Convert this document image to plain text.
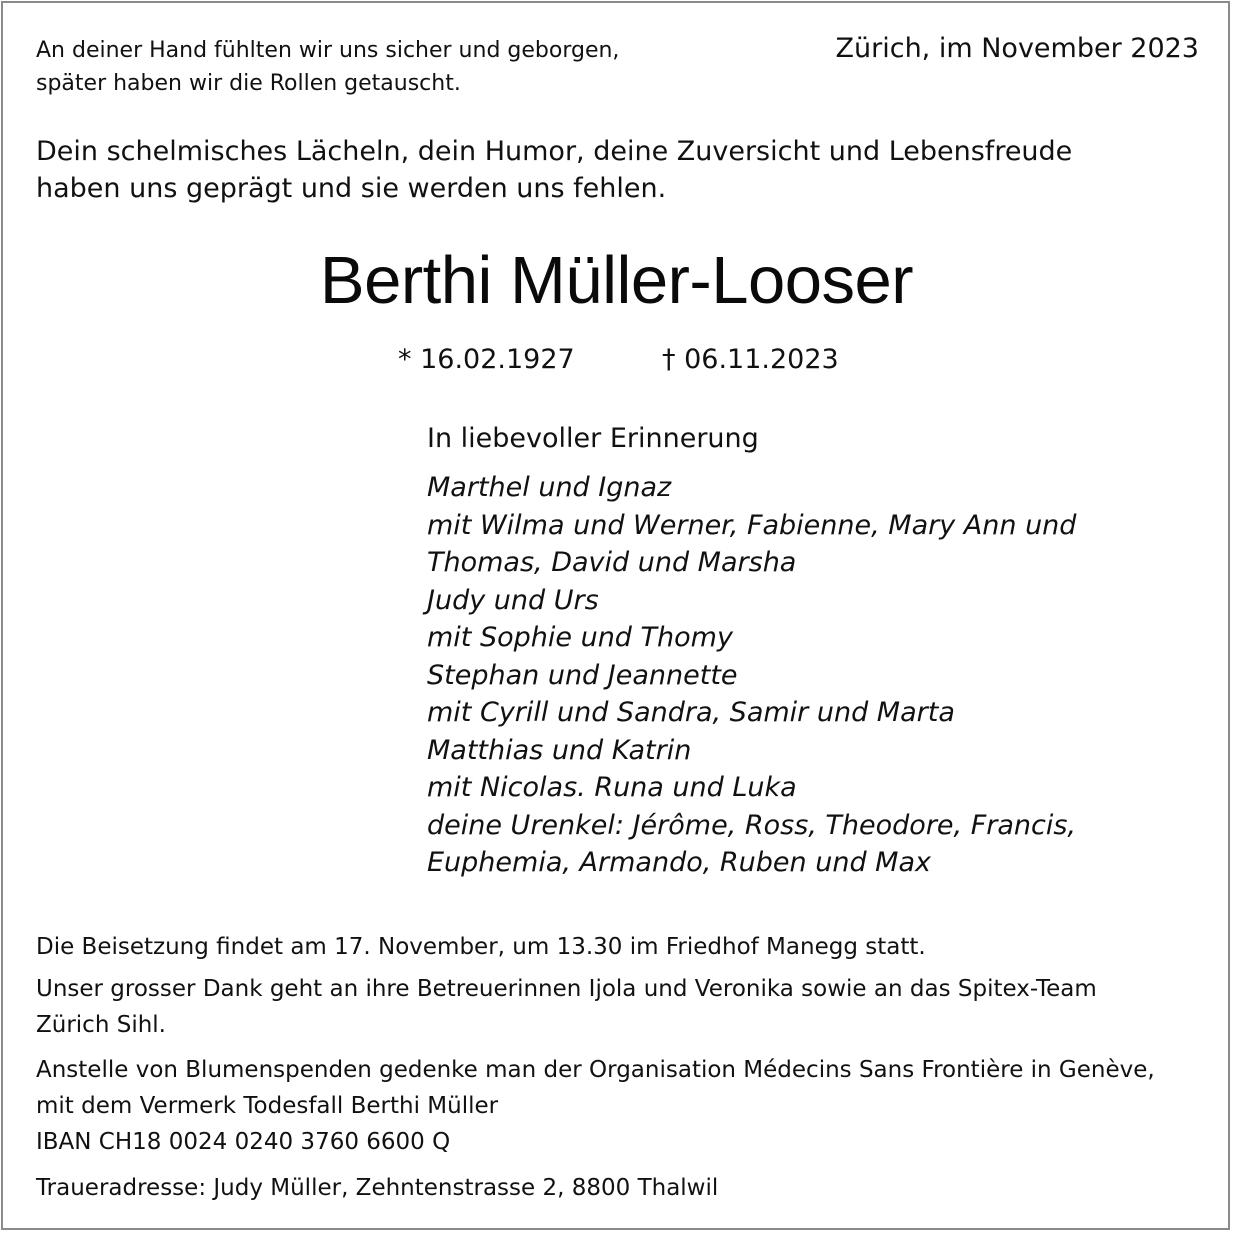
An deiner Hand fühlten wir uns sicher und geborgen,
später haben wir die Rollen getauscht.
Zürich, im November 2023
Dein schelmisches Lächeln, dein Humor, deine Zuversicht und Lebensfreude
haben uns geprägt und sie werden uns fehlen.
Berthi Müller-Looser
* 16.02.1927	† 06.11.2023
In liebevoller Erinnerung
Marthel und Ignaz
mit Wilma und Werner, Fabienne, Mary Ann und
Thomas, David und Marsha
Judy und Urs
mit Sophie und Thomy
Stephan und Jeannette
mit Cyrill und Sandra, Samir und Marta
Matthias und Katrin
mit Nicolas. Runa und Luka
deine Urenkel: Jérôme, Ross, Theodore, Francis,
Euphemia, Armando, Ruben und Max
Die Beisetzung findet am 17. November, um 13.30 im Friedhof Manegg statt.
Unser grosser Dank geht an ihre Betreuerinnen Ijola und Veronika sowie an das Spitex-Team
Zürich Sihl.
Anstelle von Blumenspenden gedenke man der Organisation Médecins Sans Frontière in Genève,
mit dem Vermerk Todesfall Berthi Müller
IBAN CH18 0024 0240 3760 6600 Q
Traueradresse: Judy Müller, Zehntenstrasse 2, 8800 Thalwil
